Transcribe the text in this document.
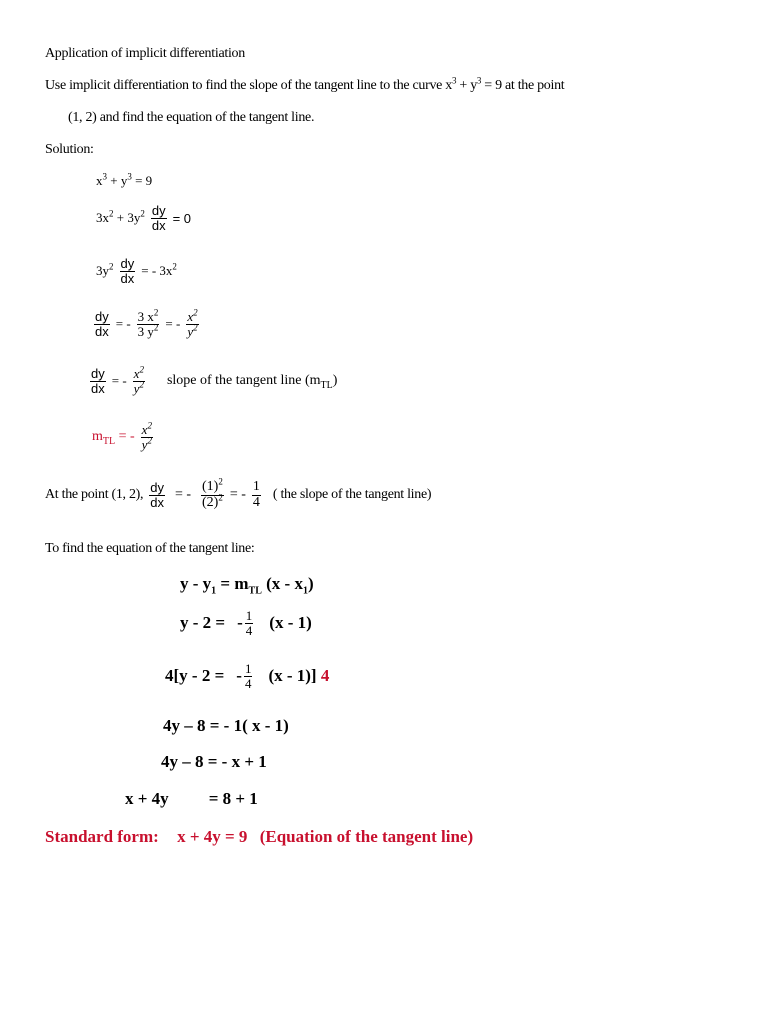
Application of implicit differentiation
Use implicit differentiation to find the slope of the tangent line to the curve $x^3 + y^3 = 9$ at the point
(1, 2) and find the equation of the tangent line.
Solution:
$x^3 + y^3 = 9$
$3x^2 + 3y^2 \frac{dy}{dx} = 0$
$3y^2 \frac{dy}{dx}$ = - $3x^2$
$\frac{dy}{dx}$ = - $\frac{3 x^2}{3 y^2}$ = - $\frac{x^2}{y^2}$
$\frac{dy}{dx}$ = - $\frac{x^2}{y^2}$ slope of the tangent line $(m_{TL})$
$m_{TL}$ = - $\frac{x^2}{y^2}$
At the point (1, 2), $\frac{dy}{dx}$ = - $\frac{(1)^2}{(2)^2}$ = - $\frac{1}{4}$ ( the slope of the tangent line)
To find the equation of the tangent line:
$y - y_1 = m_{TL}$ $(x - x_1)$
y - 2 = - $\frac{1}{4} (x - 1)$
4[y - 2 = - $\frac{1}{4} (x - 1)$] 4
4y – 8 = - 1( x - 1)
4y – 8 = - x + 1
x + 4y = 8 + 1
Standard form: x + 4y = 9 (Equation of the tangent line)
